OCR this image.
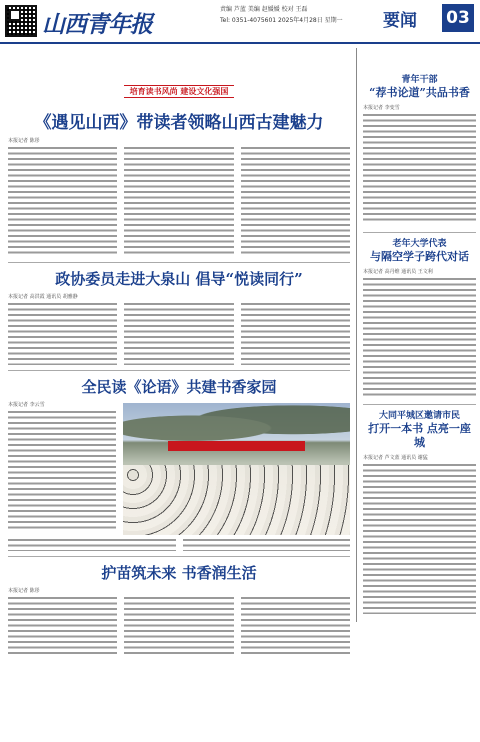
山西青年报
责编 芦蓝 美编 赵媛媛 校对 王磊
Tel: 0351-4075601 2025年4月28日 星期一 要闻 03
培育读书风尚 建设文化强国
《遇见山西》带读者领略山西古建魅力
本报记者 陈彤
政协委员走进大泉山 倡导“悦读同行”
本报记者 高洪霞 通讯员 胡雅静
全民读《论语》共建书香家园
本报记者 李云雪
护苗筑未来 书香润生活
本报记者 陈彤
青年干部
“荐书论道”共品书香
本报记者 李变雪
老年大学代表
与隔空学子跨代对话
本报记者 高丹维 通讯员 王文利
大同平城区邀请市民
打开一本书 点亮一座城
本报记者 芦文蓝 通讯员 谢猛
